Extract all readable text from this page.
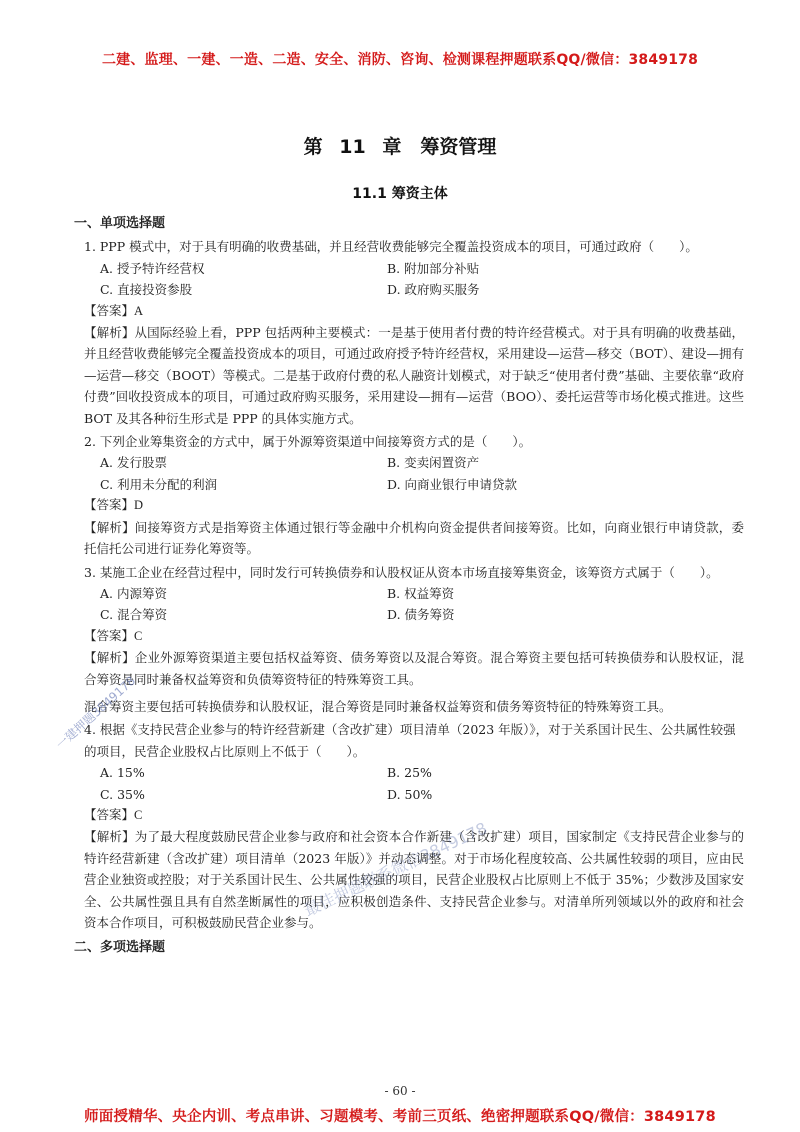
二建、监理、一建、一造、二造、安全、消防、咨询、检测课程押题联系QQ/微信：3849178
第 11 章　筹资管理
11.1 筹资主体
一、单项选择题
1. PPP 模式中，对于具有明确的收费基础，并且经营收费能够完全覆盖投资成本的项目，可通过政府（　　）。
A. 授予特许经营权	B. 附加部分补贴
C. 直接投资参股	D. 政府购买服务
【答案】A
【解析】从国际经验上看，PPP 包括两种主要模式：一是基于使用者付费的特许经营模式。对于具有明确的收费基础，并且经营收费能够完全覆盖投资成本的项目，可通过政府授予特许经营权，采用建设—运营—移交（BOT）、建设—拥有—运营—移交（BOOT）等模式。二是基于政府付费的私人融资计划模式，对于缺乏“使用者付费”基础、主要依靠“政府付费”回收投资成本的项目，可通过政府购买服务，采用建设—拥有—运营（BOO）、委托运营等市场化模式推进。这些 BOT 及其各种衍生形式是 PPP 的具体实施方式。
2. 下列企业筹集资金的方式中，属于外源筹资渠道中间接筹资方式的是（　　）。
A. 发行股票	B. 变卖闲置资产
C. 利用未分配的利润	D. 向商业银行申请贷款
【答案】D
【解析】间接筹资方式是指筹资主体通过银行等金融中介机构向资金提供者间接筹资。比如，向商业银行申请贷款，委托信托公司进行证券化筹资等。
3. 某施工企业在经营过程中，同时发行可转换债券和认股权证从资本市场直接筹集资金，该筹资方式属于（　　）。
A. 内源筹资	B. 权益筹资
C. 混合筹资	D. 债务筹资
【答案】C
【解析】企业外源筹资渠道主要包括权益筹资、债务筹资以及混合筹资。混合筹资主要包括可转换债券和认股权证，混合筹资是同时兼备权益筹资和负债筹资特征的特殊筹资工具。
混合筹资主要包括可转换债券和认股权证，混合筹资是同时兼备权益筹资和债务筹资特征的特殊筹资工具。
4. 根据《支持民营企业参与的特许经营新建（含改扩建）项目清单（2023 年版）》，对于关系国计民生、公共属性较强的项目，民营企业股权占比原则上不低于（　　）。
A. 15%	B. 25%
C. 35%	D. 50%
【答案】C
【解析】为了最大程度鼓励民营企业参与政府和社会资本合作新建（含改扩建）项目，国家制定《支持民营企业参与的特许经营新建（含改扩建）项目清单（2023 年版）》并动态调整。对于市场化程度较高、公共属性较弱的项目，应由民营企业独资或控股；对于关系国计民生、公共属性较强的项目，民营企业股权占比原则上不低于 35%；少数涉及国家安全、公共属性强且具有自然垄断属性的项目，应积极创造条件、支持民营企业参与。对清单所列领域以外的政府和社会资本合作项目，可积极鼓励民营企业参与。
二、多项选择题
一建押题3849178
最佳押题联系微信3849178
- 60 -
师面授精华、央企内训、考点串讲、习题模考、考前三页纸、绝密押题联系QQ/微信：3849178
